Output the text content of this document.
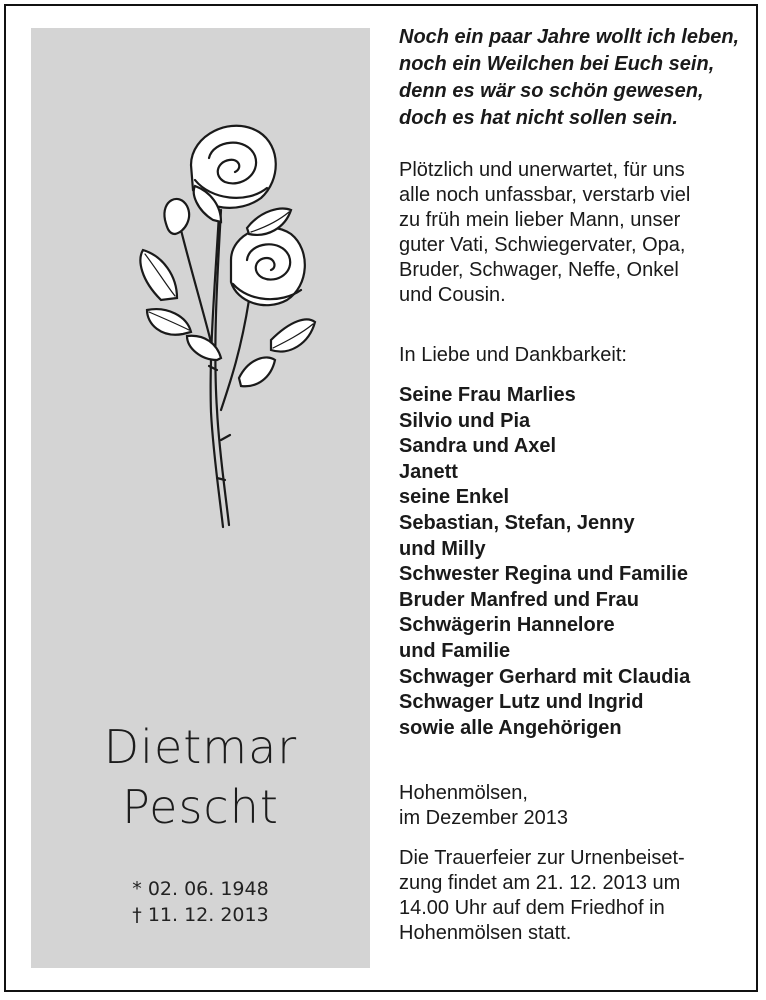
Dietmar
Pescht
* 02. 06. 1948
† 11. 12. 2013

Noch ein paar Jahre wollt ich leben,
noch ein Weilchen bei Euch sein,
denn es wär so schön gewesen,
doch es hat nicht sollen sein.

Plötzlich und unerwartet, für uns
alle noch unfassbar, verstarb viel
zu früh mein lieber Mann, unser
guter Vati, Schwiegervater, Opa,
Bruder, Schwager, Neffe, Onkel
und Cousin.

In Liebe und Dankbarkeit:

Seine Frau Marlies
Silvio und Pia
Sandra und Axel
Janett
seine Enkel
Sebastian, Stefan, Jenny
und Milly
Schwester Regina und Familie
Bruder Manfred und Frau
Schwägerin Hannelore
und Familie
Schwager Gerhard mit Claudia
Schwager Lutz und Ingrid
sowie alle Angehörigen

Hohenmölsen,
im Dezember 2013

Die Trauerfeier zur Urnenbeiset-
zung findet am 21. 12. 2013 um
14.00 Uhr auf dem Friedhof in
Hohenmölsen statt.
